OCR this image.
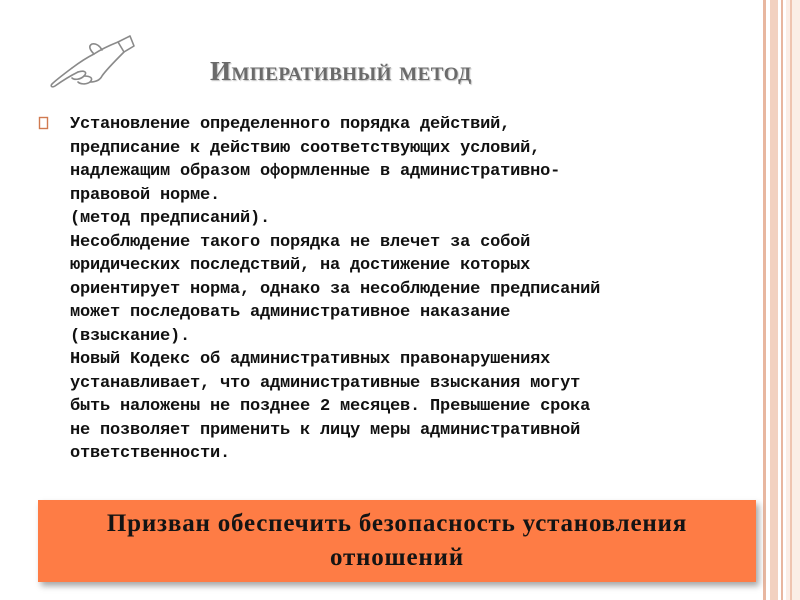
Императивный метод

Установление определенного порядка действий,
предписание к действию соответствующих условий,
надлежащим образом оформленные в административно-
правовой норме.
(метод предписаний).
Несоблюдение такого порядка не влечет за собой
юридических последствий, на достижение которых
ориентирует норма, однако за несоблюдение предписаний
может последовать административное наказание
(взыскание).
Новый Кодекс об административных правонарушениях
устанавливает, что административные взыскания могут
быть наложены не позднее 2 месяцев. Превышение срока
не позволяет применить к лицу меры административной
ответственности.

Призван обеспечить безопасность установления отношений
